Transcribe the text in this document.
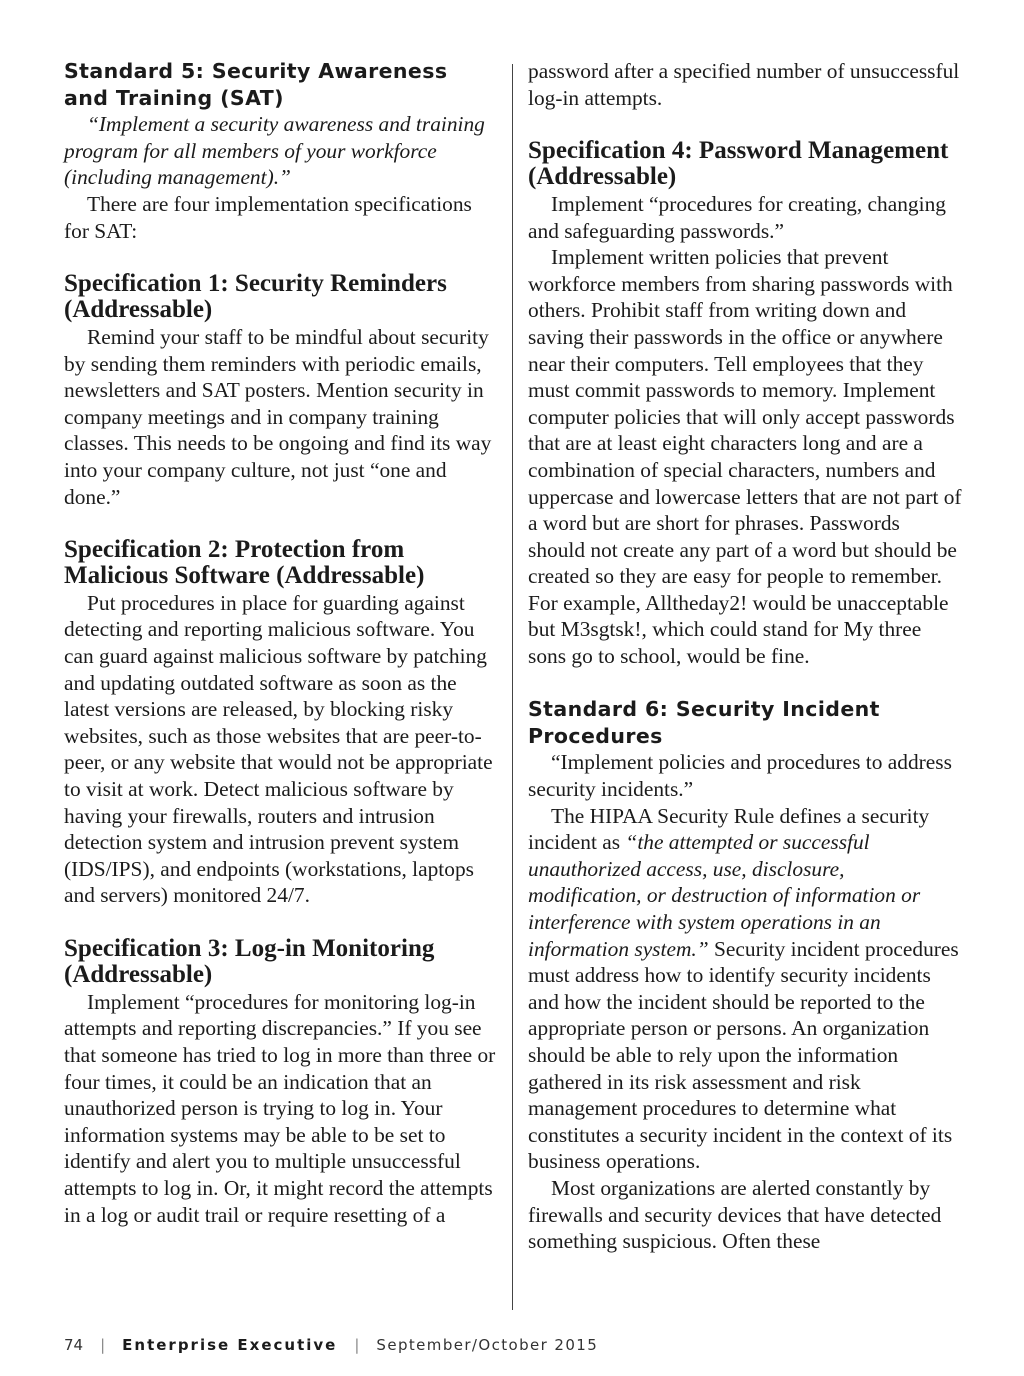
Standard 5: Security Awareness and Training (SAT)

“Implement a security awareness and training program for all members of your workforce (including management).”

There are four implementation specifications for SAT:

Specification 1: Security Reminders (Addressable)

Remind your staff to be mindful about security by sending them reminders with periodic emails, newsletters and SAT posters. Mention security in company meetings and in company training classes. This needs to be ongoing and find its way into your company culture, not just “one and done.”

Specification 2: Protection from Malicious Software (Addressable)

Put procedures in place for guarding against detecting and reporting malicious software. You can guard against malicious software by patching and updating outdated software as soon as the latest versions are released, by blocking risky websites, such as those websites that are peer-to-peer, or any website that would not be appropriate to visit at work. Detect malicious software by having your firewalls, routers and intrusion detection system and intrusion prevent system (IDS/IPS), and endpoints (workstations, laptops and servers) monitored 24/7.

Specification 3: Log-in Monitoring (Addressable)

Implement “procedures for monitoring log-in attempts and reporting discrepancies.” If you see that someone has tried to log in more than three or four times, it could be an indication that an unauthorized person is trying to log in. Your information systems may be able to be set to identify and alert you to multiple unsuccessful attempts to log in. Or, it might record the attempts in a log or audit trail or require resetting of a

password after a specified number of unsuccessful log-in attempts.

Specification 4: Password Management (Addressable)

Implement “procedures for creating, changing and safeguarding passwords.”

Implement written policies that prevent workforce members from sharing passwords with others. Prohibit staff from writing down and saving their passwords in the office or anywhere near their computers. Tell employees that they must commit passwords to memory. Implement computer policies that will only accept passwords that are at least eight characters long and are a combination of special characters, numbers and uppercase and lowercase letters that are not part of a word but are short for phrases. Passwords should not create any part of a word but should be created so they are easy for people to remember. For example, Alltheday2! would be unacceptable but M3sgtsk!, which could stand for My three sons go to school, would be fine.

Standard 6: Security Incident Procedures

“Implement policies and procedures to address security incidents.”

The HIPAA Security Rule defines a security incident as “the attempted or successful unauthorized access, use, disclosure, modification, or destruction of information or interference with system operations in an information system.” Security incident procedures must address how to identify security incidents and how the incident should be reported to the appropriate person or persons. An organization should be able to rely upon the information gathered in its risk assessment and risk management procedures to determine what constitutes a security incident in the context of its business operations.

Most organizations are alerted constantly by firewalls and security devices that have detected something suspicious. Often these

74 | Enterprise Executive | September/October 2015
